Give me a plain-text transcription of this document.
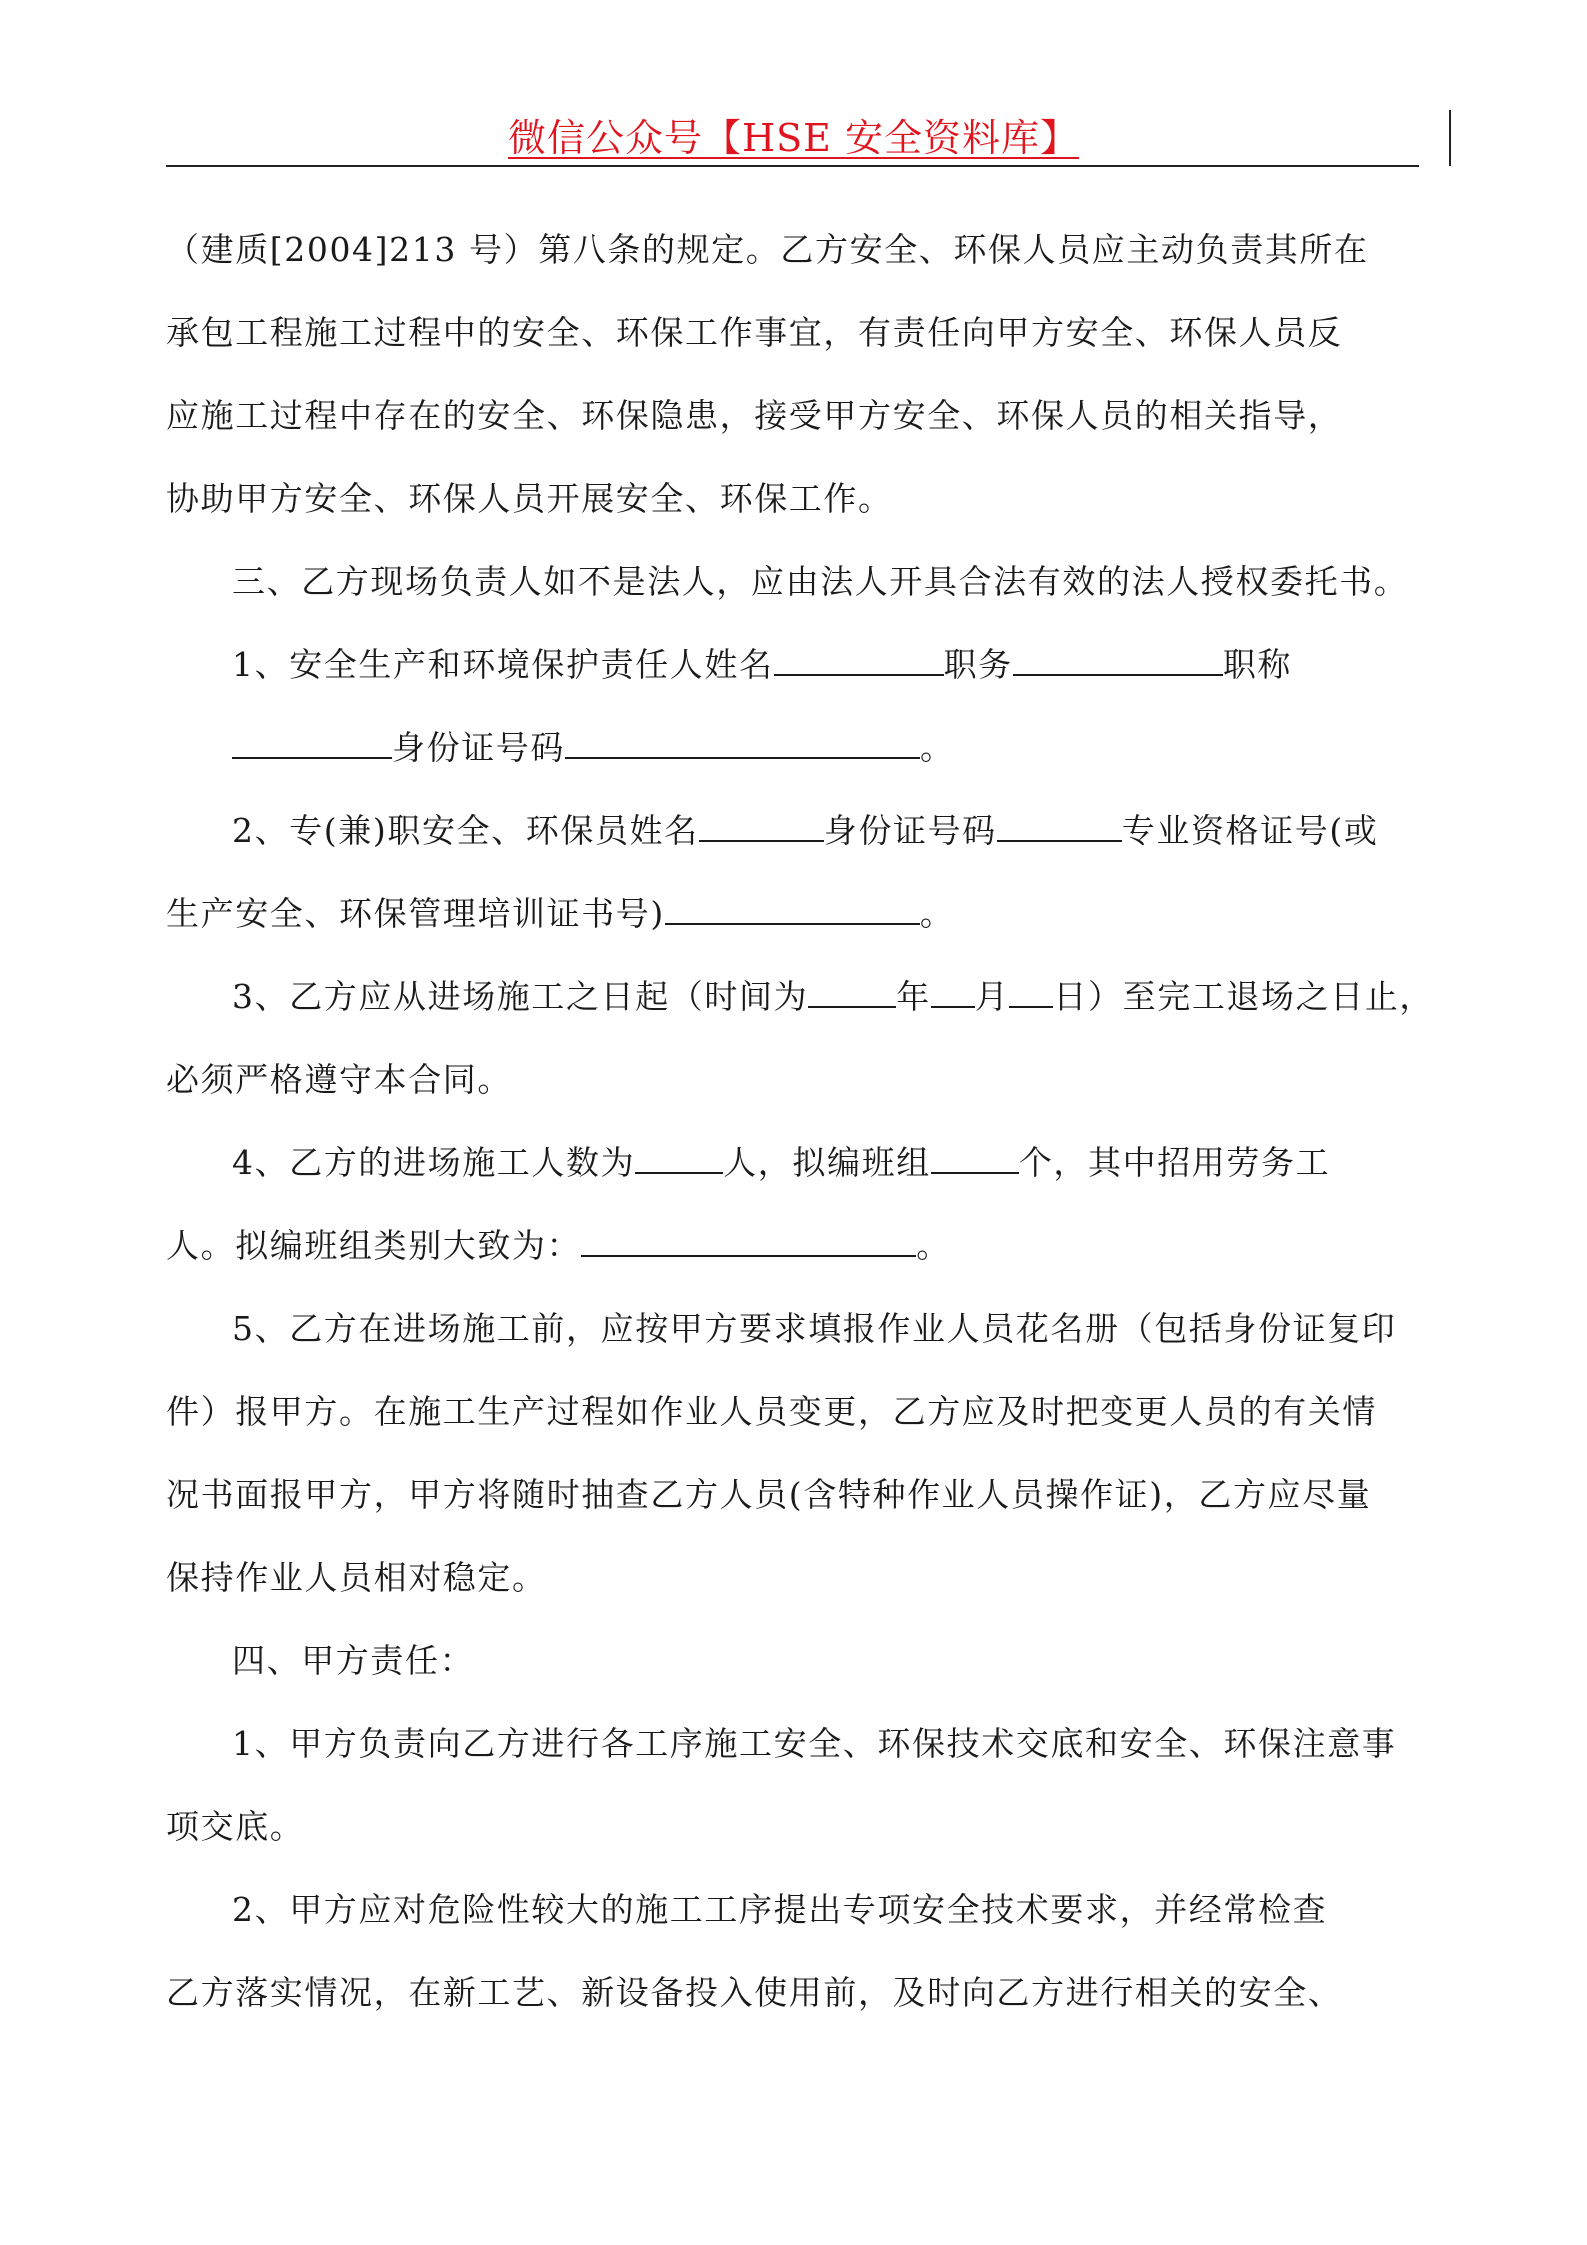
微信公众号【HSE 安全资料库】

（建质[2004]213 号）第八条的规定。乙方安全、环保人员应主动负责其所在

承包工程施工过程中的安全、环保工作事宜，有责任向甲方安全、环保人员反

应施工过程中存在的安全、环保隐患，接受甲方安全、环保人员的相关指导，

协助甲方安全、环保人员开展安全、环保工作。

三、乙方现场负责人如不是法人，应由法人开具合法有效的法人授权委托书。

1、安全生产和环境保护责任人姓名	职务	职称

身份证号码	。

2、专(兼)职安全、环保员姓名	身份证号码	专业资格证号(或

生产安全、环保管理培训证书号)	。

3、乙方应从进场施工之日起（时间为	年 月 日）至完工退场之日止，

必须严格遵守本合同。

4、乙方的进场施工人数为	人，拟编班组	个，其中招用劳务工

人。拟编班组类别大致为：	。

5、乙方在进场施工前，应按甲方要求填报作业人员花名册（包括身份证复印

件）报甲方。在施工生产过程如作业人员变更，乙方应及时把变更人员的有关情

况书面报甲方，甲方将随时抽查乙方人员(含特种作业人员操作证)，乙方应尽量

保持作业人员相对稳定。

四、甲方责任：

1、甲方负责向乙方进行各工序施工安全、环保技术交底和安全、环保注意事

项交底。

2、甲方应对危险性较大的施工工序提出专项安全技术要求，并经常检查

乙方落实情况，在新工艺、新设备投入使用前，及时向乙方进行相关的安全、
